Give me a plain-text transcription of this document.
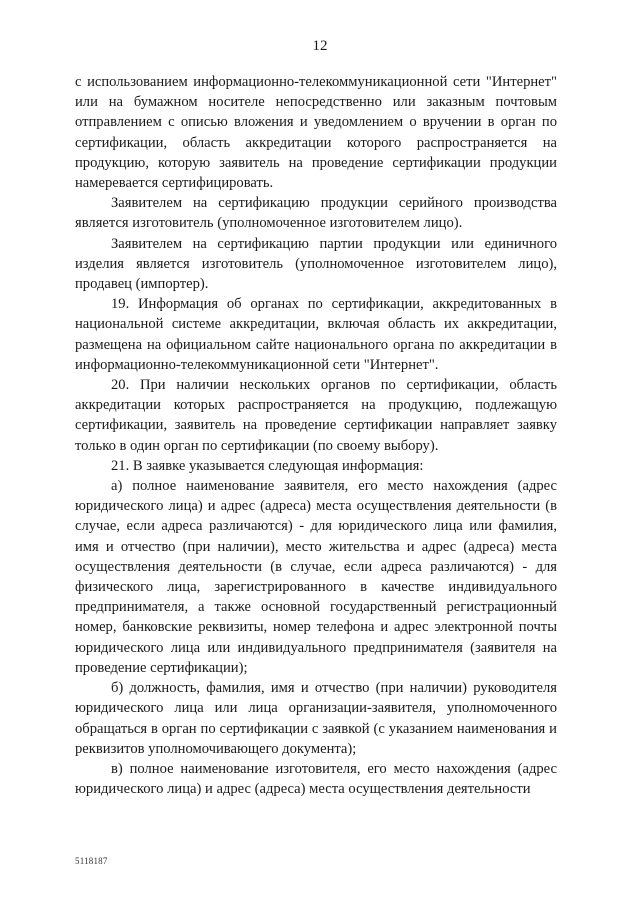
12

с использованием информационно-телекоммуникационной сети "Интернет" или на бумажном носителе непосредственно или заказным почтовым отправлением с описью вложения и уведомлением о вручении в орган по сертификации, область аккредитации которого распространяется на продукцию, которую заявитель на проведение сертификации продукции намеревается сертифицировать.

Заявителем на сертификацию продукции серийного производства является изготовитель (уполномоченное изготовителем лицо).

Заявителем на сертификацию партии продукции или единичного изделия является изготовитель (уполномоченное изготовителем лицо), продавец (импортер).

19. Информация об органах по сертификации, аккредитованных в национальной системе аккредитации, включая область их аккредитации, размещена на официальном сайте национального органа по аккредитации в информационно-телекоммуникационной сети "Интернет".

20. При наличии нескольких органов по сертификации, область аккредитации которых распространяется на продукцию, подлежащую сертификации, заявитель на проведение сертификации направляет заявку только в один орган по сертификации (по своему выбору).

21. В заявке указывается следующая информация:

а) полное наименование заявителя, его место нахождения (адрес юридического лица) и адрес (адреса) места осуществления деятельности (в случае, если адреса различаются) - для юридического лица или фамилия, имя и отчество (при наличии), место жительства и адрес (адреса) места осуществления деятельности (в случае, если адреса различаются) - для физического лица, зарегистрированного в качестве индивидуального предпринимателя, а также основной государственный регистрационный номер, банковские реквизиты, номер телефона и адрес электронной почты юридического лица или индивидуального предпринимателя (заявителя на проведение сертификации);

б) должность, фамилия, имя и отчество (при наличии) руководителя юридического лица или лица организации-заявителя, уполномоченного обращаться в орган по сертификации с заявкой (с указанием наименования и реквизитов уполномочивающего документа);

в) полное наименование изготовителя, его место нахождения (адрес юридического лица) и адрес (адреса) места осуществления деятельности

5118187
